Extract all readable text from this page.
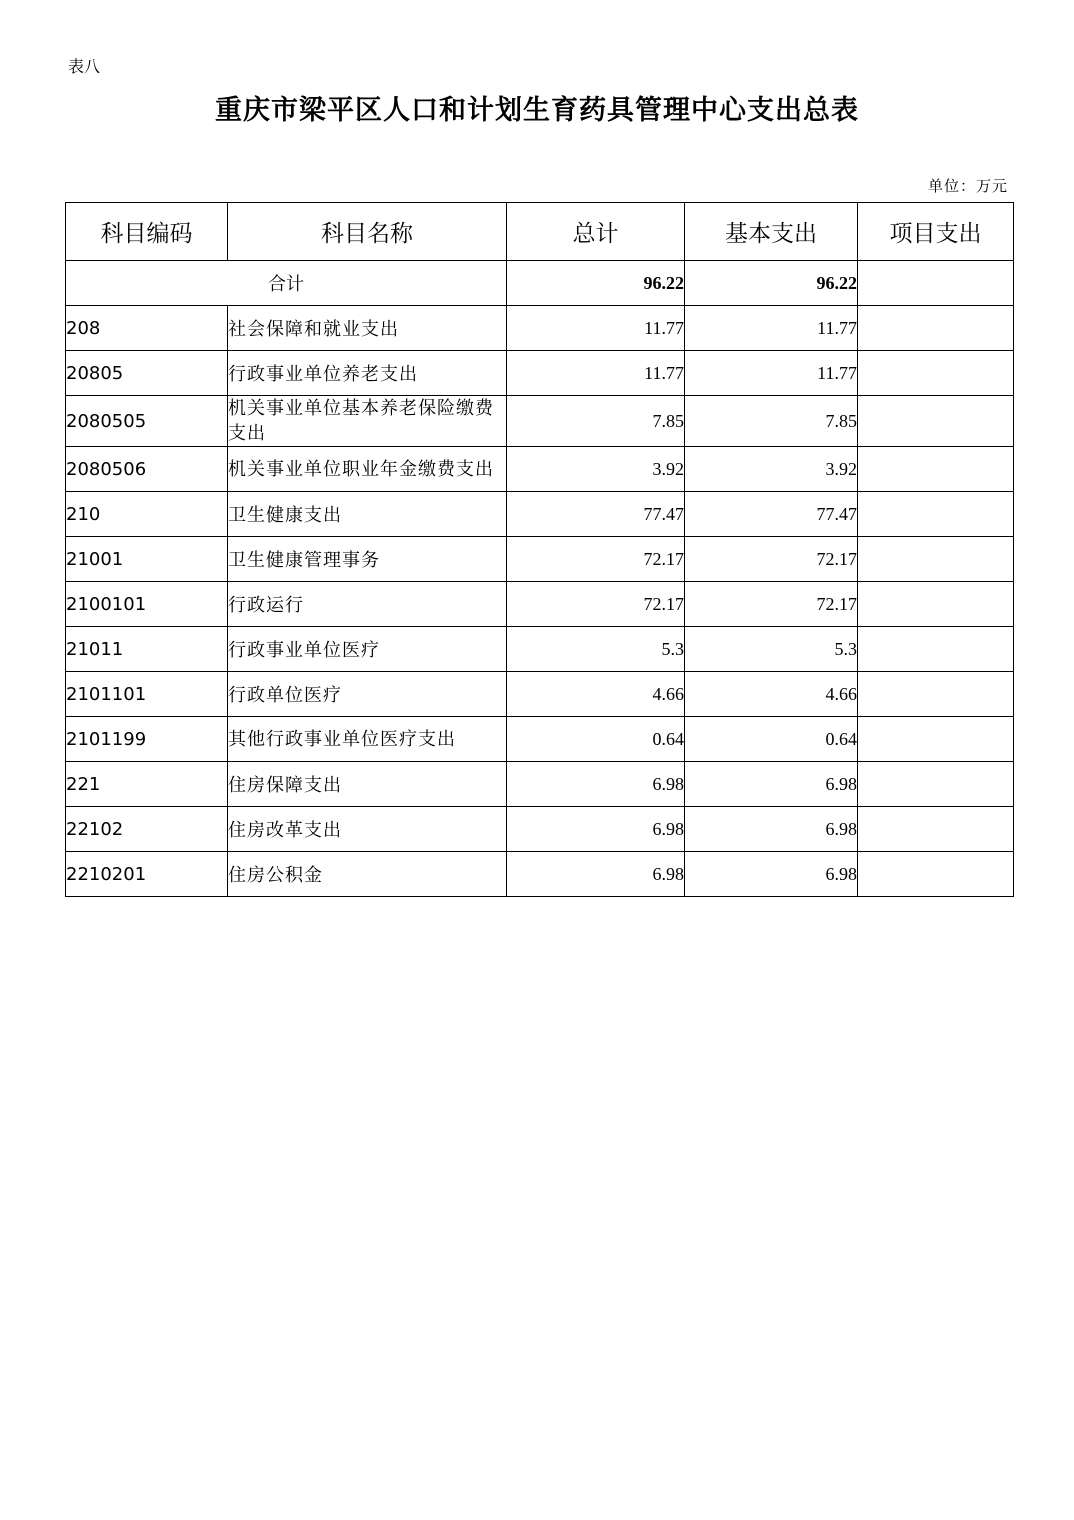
表八
重庆市梁平区人口和计划生育药具管理中心支出总表
单位：万元
科目编码	科目名称	总计	基本支出	项目支出
合计		96.22	96.22	
208	社会保障和就业支出	11.77	11.77	
20805	行政事业单位养老支出	11.77	11.77	
2080505	机关事业单位基本养老保险缴费支出	7.85	7.85	
2080506	机关事业单位职业年金缴费支出	3.92	3.92	
210	卫生健康支出	77.47	77.47	
21001	卫生健康管理事务	72.17	72.17	
2100101	行政运行	72.17	72.17	
21011	行政事业单位医疗	5.3	5.3	
2101101	行政单位医疗	4.66	4.66	
2101199	其他行政事业单位医疗支出	0.64	0.64	
221	住房保障支出	6.98	6.98	
22102	住房改革支出	6.98	6.98	
2210201	住房公积金	6.98	6.98	
